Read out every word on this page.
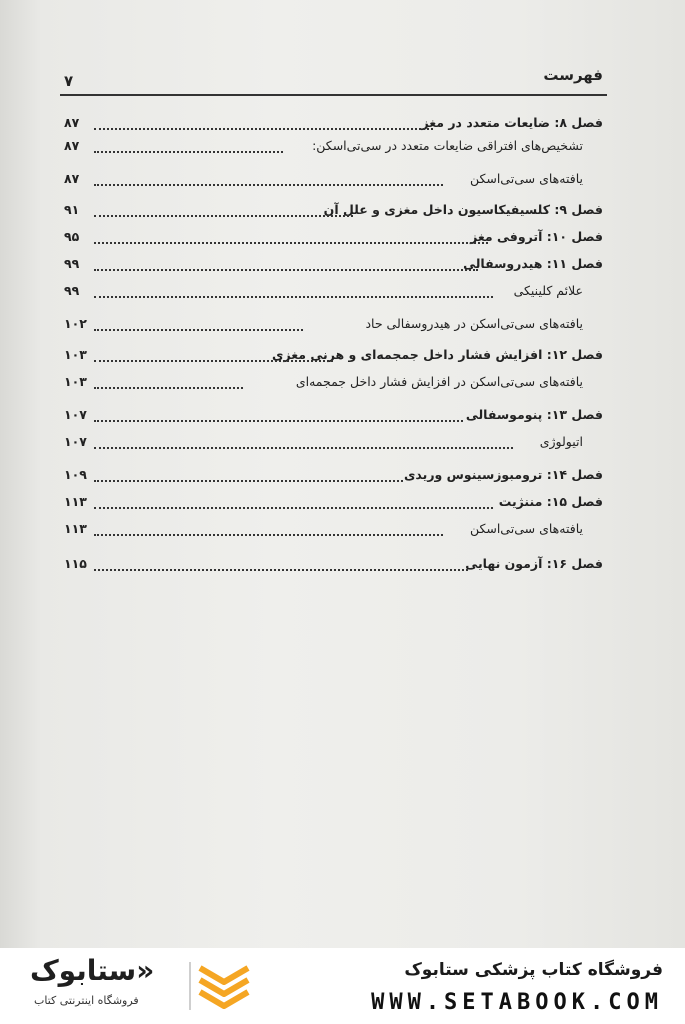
فهرست
۷
فصل ۸: ضایعات متعدد در مغز
۸۷
تشخیص‌های افتراقی ضایعات متعدد در سی‌تی‌اسکن:
۸۷
یافته‌های سی‌تی‌اسکن
۸۷
فصل ۹: کلسیفیکاسیون داخل مغزی و علل آن
۹۱
فصل ۱۰: آتروفی مغز
۹۵
فصل ۱۱: هیدروسفالی
۹۹
علائم کلینیکی
۹۹
یافته‌های سی‌تی‌اسکن در هیدروسفالی حاد
۱۰۲
فصل ۱۲: افزایش فشار داخل جمجمه‌ای و هرنی مغزی
۱۰۳
یافته‌های سی‌تی‌اسکن در افزایش فشار داخل جمجمه‌ای
۱۰۳
فصل ۱۳: پنوموسفالی
۱۰۷
اتیولوژی
۱۰۷
فصل ۱۴: ترومبوزسینوس وریدی
۱۰۹
فصل ۱۵: مننژیت
۱۱۳
یافته‌های سی‌تی‌اسکن
۱۱۳
فصل ۱۶: آزمون نهایی
۱۱۵
«ستابوک
فروشگاه اینترنتی کتاب
فروشگاه کتاب پزشکی ستابوک
WWW.SETABOOK.COM
